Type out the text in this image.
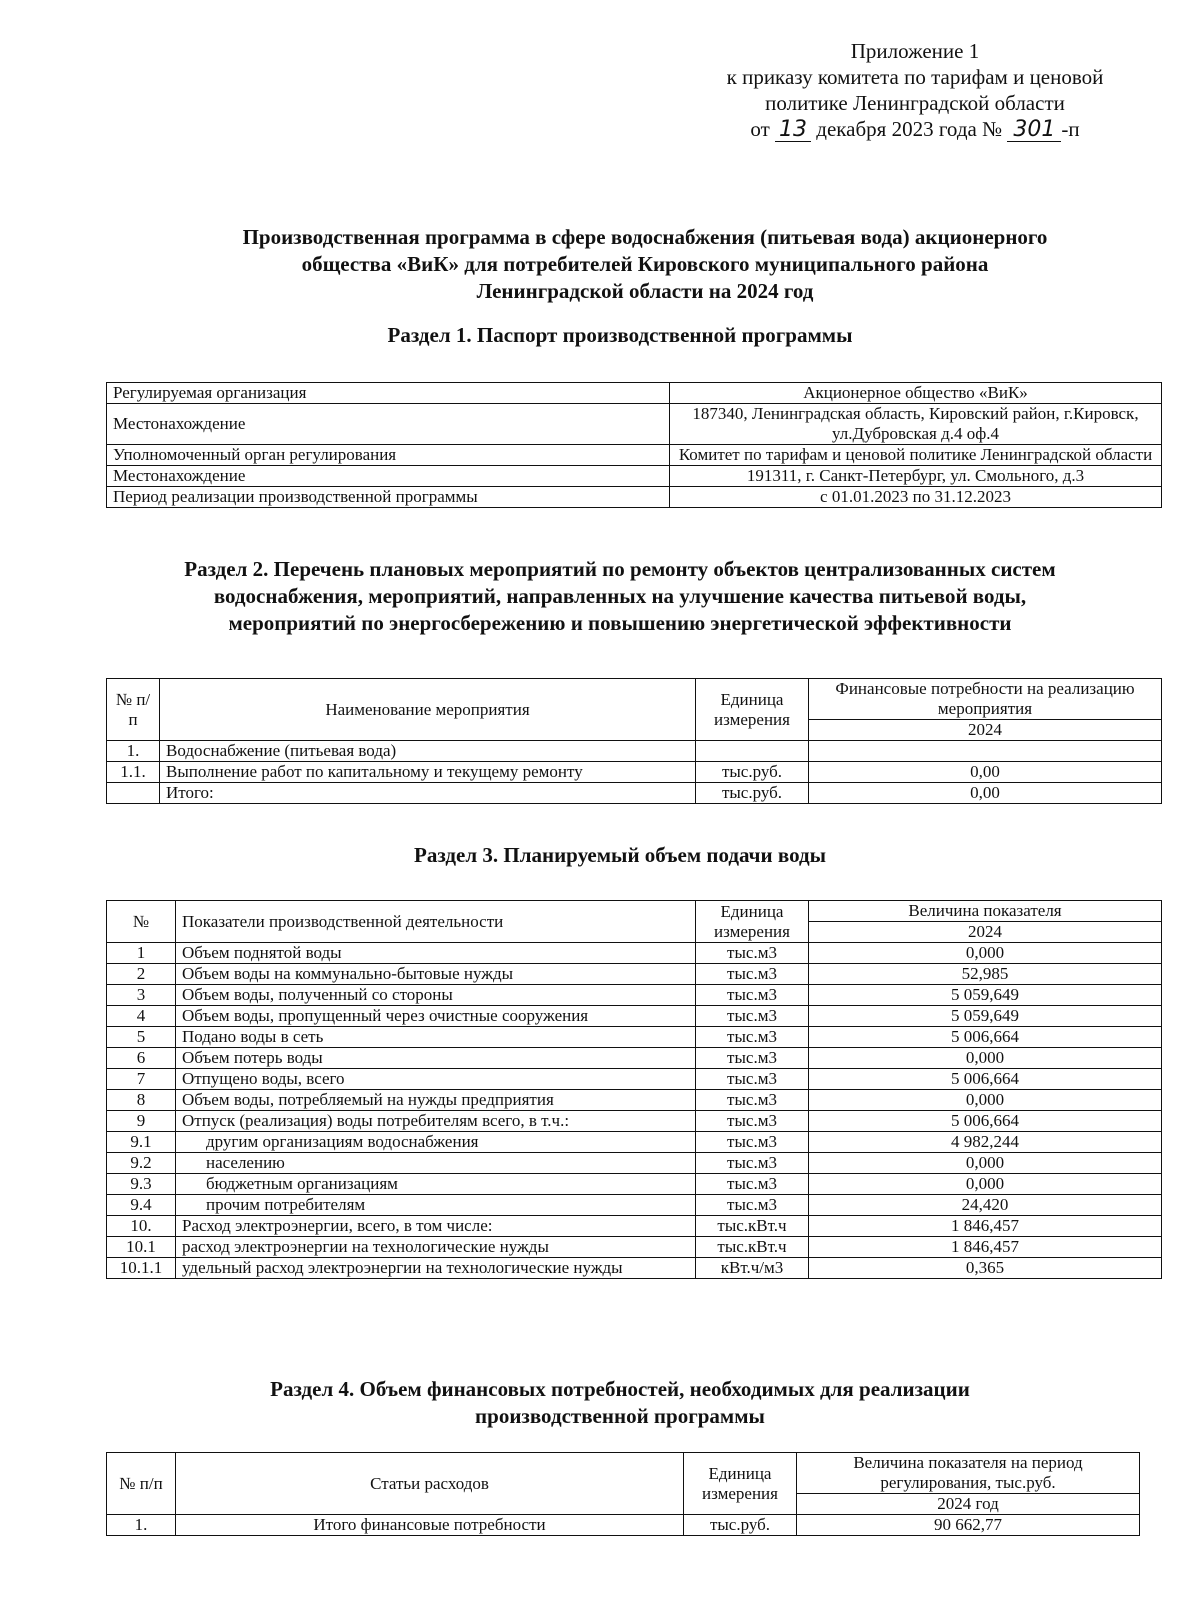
Приложение 1
к приказу комитета по тарифам и ценовой
политике Ленинградской области
от 13 декабря 2023 года № 301 -п
Производственная программа в сфере водоснабжения (питьевая вода) акционерного
общества «ВиК» для потребителей Кировского муниципального района
Ленинградской области на 2024 год
Раздел 1. Паспорт производственной программы
Регулируемая организация	Акционерное общество «ВиК»
Местонахождение	187340, Ленинградская область, Кировский район, г.Кировск, ул.Дубровская д.4 оф.4
Уполномоченный орган регулирования	Комитет по тарифам и ценовой политике Ленинградской области
Местонахождение	191311, г. Санкт-Петербург, ул. Смольного, д.3
Период реализации производственной программы	с 01.01.2023 по 31.12.2023
Раздел 2. Перечень плановых мероприятий по ремонту объектов централизованных систем
водоснабжения, мероприятий, направленных на улучшение качества питьевой воды,
мероприятий по энергосбережению и повышению энергетической эффективности
№ п/п	Наименование мероприятия	Единица измерения	Финансовые потребности на реализацию мероприятия
			2024
1.	Водоснабжение (питьевая вода)		
1.1.	Выполнение работ по капитальному и текущему ремонту	тыс.руб.	0,00
	Итого:	тыс.руб.	0,00
Раздел 3. Планируемый объем подачи воды
№	Показатели производственной деятельности	Единица измерения	Величина показателя
			2024
1	Объем поднятой воды	тыс.м3	0,000
2	Объем воды на коммунально-бытовые нужды	тыс.м3	52,985
3	Объем воды, полученный со стороны	тыс.м3	5 059,649
4	Объем воды, пропущенный через очистные сооружения	тыс.м3	5 059,649
5	Подано воды в сеть	тыс.м3	5 006,664
6	Объем потерь воды	тыс.м3	0,000
7	Отпущено воды, всего	тыс.м3	5 006,664
8	Объем воды, потребляемый на нужды предприятия	тыс.м3	0,000
9	Отпуск (реализация) воды потребителям всего, в т.ч.:	тыс.м3	5 006,664
9.1	другим организациям водоснабжения	тыс.м3	4 982,244
9.2	населению	тыс.м3	0,000
9.3	бюджетным организациям	тыс.м3	0,000
9.4	прочим потребителям	тыс.м3	24,420
10.	Расход электроэнергии, всего, в том числе:	тыс.кВт.ч	1 846,457
10.1	расход электроэнергии на технологические нужды	тыс.кВт.ч	1 846,457
10.1.1	удельный расход электроэнергии на технологические нужды	кВт.ч/м3	0,365
Раздел 4. Объем финансовых потребностей, необходимых для реализации
производственной программы
№ п/п	Статьи расходов	Единица измерения	Величина показателя на период регулирования, тыс.руб.
			2024 год
1.	Итого финансовые потребности	тыс.руб.	90 662,77
